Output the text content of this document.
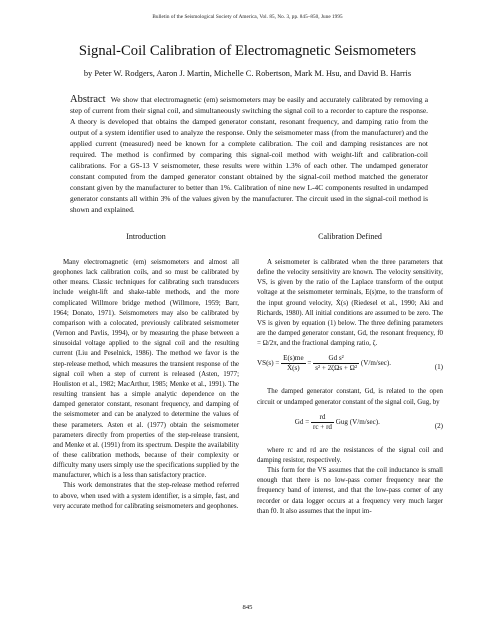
Bulletin of the Seismological Society of America, Vol. 85, No. 3, pp. 845–850, June 1995
Signal-Coil Calibration of Electromagnetic Seismometers
by Peter W. Rodgers, Aaron J. Martin, Michelle C. Robertson, Mark M. Hsu, and David B. Harris
Abstract We show that electromagnetic (em) seismometers may be easily and accurately calibrated by removing a step of current from their signal coil, and simultaneously switching the signal coil to a recorder to capture the response. A theory is developed that obtains the damped generator constant, resonant frequency, and damping ratio from the output of a system identifier used to analyze the response. Only the seismometer mass (from the manufacturer) and the applied current (measured) need be known for a complete calibration. The coil and damping resistances are not required. The method is confirmed by comparing this signal-coil method with weight-lift and calibration-coil calibrations. For a GS-13 V seismometer, these results were within 1.3% of each other. The undamped generator constant computed from the damped generator constant obtained by the signal-coil method matched the generator constant given by the manufacturer to better than 1%. Calibration of nine new L-4C components resulted in undamped generator constants all within 3% of the values given by the manufacturer. The circuit used in the signal-coil method is shown and explained.
Introduction

Many electromagnetic (em) seismometers and almost all geophones lack calibration coils, and so must be calibrated by other means. Classic techniques for calibrating such transducers include weight-lift and shake-table methods, and the more complicated Willmore bridge method (Willmore, 1959; Barr, 1964; Donato, 1971). Seismometers may also be calibrated by comparison with a colocated, previously calibrated seismometer (Vernon and Pavlis, 1994), or by measuring the phase between a sinusoidal voltage applied to the signal coil and the resulting current (Liu and Peselnick, 1986). The method we favor is the step-release method, which measures the transient response of the signal coil when a step of current is released (Asten, 1977; Houliston et al., 1982; MacArthur, 1985; Menke et al., 1991). The resulting transient has a simple analytic dependence on the damped generator constant, resonant frequency, and damping of the seismometer and can be analyzed to determine the values of these parameters. Asten et al. (1977) obtain the seismometer parameters directly from properties of the step-release transient, and Menke et al. (1991) from its spectrum. Despite the availability of these calibration methods, because of their complexity or difficulty many users simply use the specifications supplied by the manufacturer, which is a less than satisfactory practice.

This work demonstrates that the step-release method referred to above, when used with a system identifier, is a simple, fast, and very accurate method for calibrating seismometers and geophones.

Calibration Defined

A seismometer is calibrated when the three parameters that define the velocity sensitivity are known. The velocity sensitivity, VS, is given by the ratio of the Laplace transform of the output voltage at the seismometer terminals, E(s)me, to the transform of the input ground velocity, Ẋ(s) (Riedesel et al., 1990; Aki and Richards, 1980). All initial conditions are assumed to be zero. The VS is given by equation (1) below. The three defining parameters are the damped generator constant, Gd, the resonant frequency, f0 = Ω/2π, and the fractional damping ratio, ζ.

$VS(s) = \frac{E(s)me}{\text{Ẋ(s)}} = \frac{\text{Gd s²}}{\text{s² + 2ζΩs + Ω²}} (V/m/\sec)$.	(1)

The damped generator constant, Gd, is related to the open circuit or undamped generator constant of the signal coil, Gug, by

$Gd = \frac{rd}{rc + rd}$ Gug (V/m/sec).	(2)

where rc and rd are the resistances of the signal coil and damping resistor, respectively.

This form for the VS assumes that the coil inductance is small enough that there is no low-pass corner frequency near the frequency band of interest, and that the low-pass corner of any recorder or data logger occurs at a frequency very much larger than f0. It also assumes that the input im-

845
